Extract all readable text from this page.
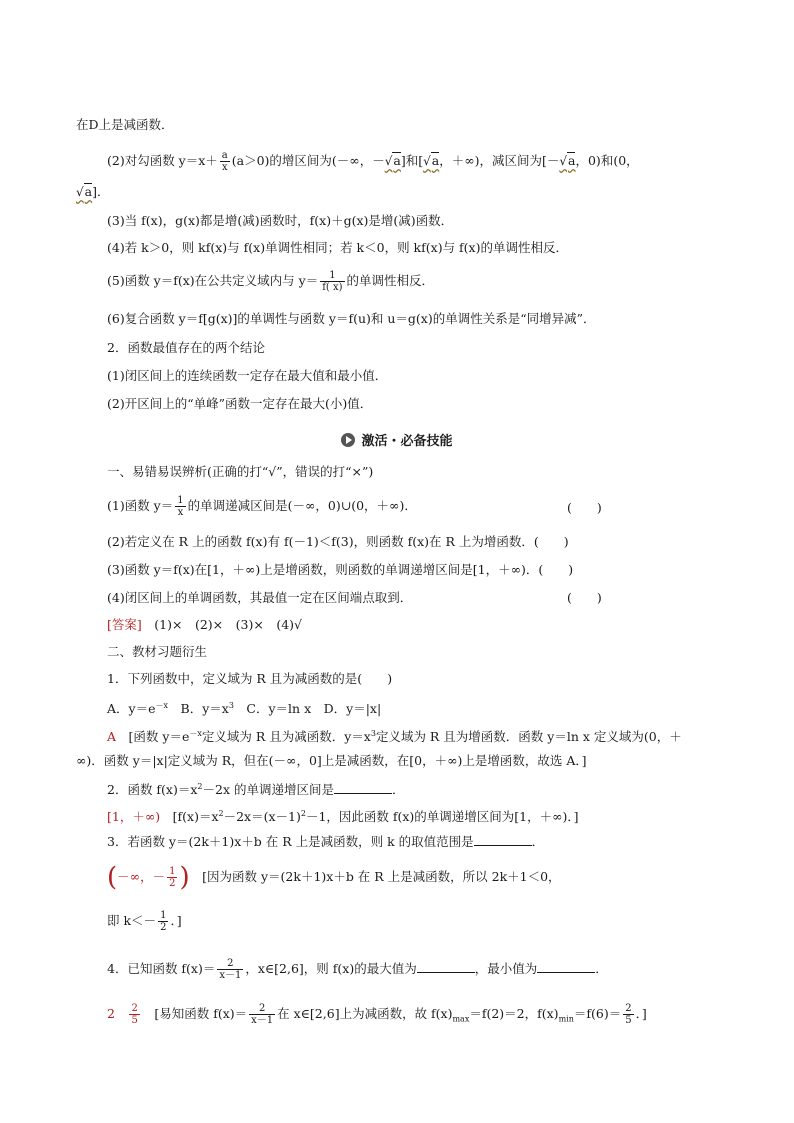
在D上是减函数．
(2)对勾函数 $y=x+ \frac{a}{x} (a>0)$的增区间为(－∞，－√a]和[√a，＋∞)，减区间为[－√a，0)和(0，
√a]．
(3)当 f(x)，g(x)都是增(减)函数时，f(x)＋g(x)是增(减)函数．
(4)若 k＞0，则 kf(x)与 f(x)单调性相同；若 k＜0，则 kf(x)与 f(x)的单调性相反．
(5)函数 y＝f(x)在公共定义域内与 $y= \frac{1}{f( x)}$ 的单调性相反．
(6)复合函数 y＝f[g(x)]的单调性与函数 y＝f(u)和 u＝g(x)的单调性关系是“同增异减”．
2．函数最值存在的两个结论
(1)闭区间上的连续函数一定存在最大值和最小值．
(2)开区间上的“单峰”函数一定存在最大(小)值．
激活・必备技能
一、易错易误辨析(正确的打“√”，错误的打“×”)
(1)函数 $y= \frac{1}{x}$ 的单调递减区间是(－∞，0)∪(0，＋∞)．	(　　)
(2)若定义在 R 上的函数 f(x)有 f(－1)＜f(3)，则函数 f(x)在 R 上为增函数．(　　)
(3)函数 y＝f(x)在[1，＋∞)上是增函数，则函数的单调递增区间是[1，＋∞)．(　　)
(4)闭区间上的单调函数，其最值一定在区间端点取到．	(　　)
[答案]　 (1)×　(2)×　(3)×　(4)√
二、教材习题衍生
1．下列函数中，定义域为 R 且为减函数的是(　　)
A．$y=e^{-x}$　B．$y=x^3$　C．y＝ln x　D．y＝|x|
A　 [函数 $y=e^{-x}$定义域为 R 且为减函数．$y=x^3$定义域为 R 且为增函数．函数 y＝ln x 定义域为(0，＋
∞)．函数 y＝|x|定义域为 R，但在(－∞，0]上是减函数，在[0，＋∞)上是增函数，故选 A．]
2．函数 $f(x)=x^2-2x$ 的单调递增区间是	．
[1，＋∞)　 [$f(x)=x^2-2x=(x-1)^2-1$，因此函数 f(x)的单调递增区间为[1，＋∞)．]
3．若函数 y＝(2k＋1)x＋b 在 R 上是减函数，则 k 的取值范围是	．
(－∞，－ $\frac{1}{2}$ )　 [因为函数 y＝(2k＋1)x＋b 在 R 上是减函数，所以 2k＋1＜0，
即 $k<- \frac{1}{2}$ ．]
4．已知函数 $f(x)= \frac{2}{x-1}$ ，x∈[2,6]，则 f(x)的最大值为	，最小值为	．
2　 $\frac{2}{5}$
　 [易知函数 $f(x)= \frac{2}{x-1}$ 在 x∈[2,6]上为减函数，故 $f(x)_{max}=f(2)=2$，$f(x)_{min}=f(6)= \frac{2}{5}$ ．]
